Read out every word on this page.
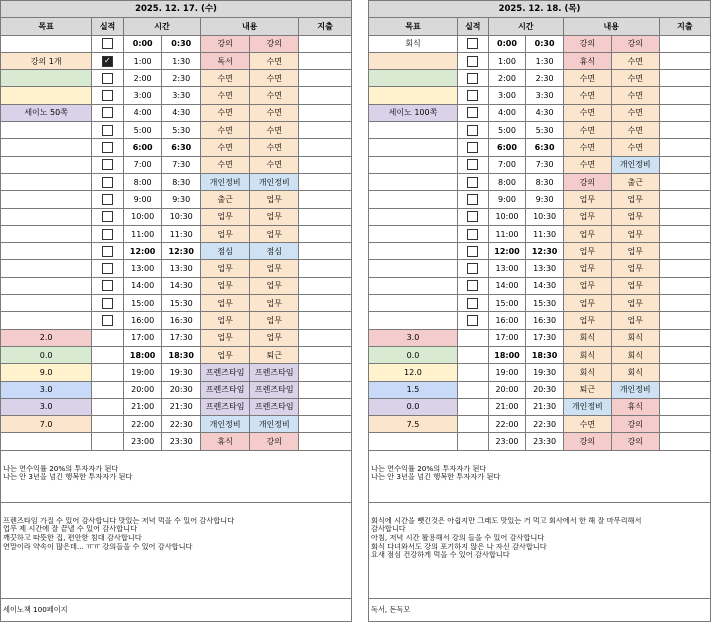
2025. 12. 17. (수)						
목표	실적	시간		내용		지출
		0:00	0:30	강의	강의	
강의 1개	✓	1:00	1:30	독서	수면	
		2:00	2:30	수면	수면	
		3:00	3:30	수면	수면	
세이노 50쪽		4:00	4:30	수면	수면	
		5:00	5:30	수면	수면	
		6:00	6:30	수면	수면	
		7:00	7:30	수면	수면	
		8:00	8:30	개인정비	개인정비	
		9:00	9:30	출근	업무	
		10:00	10:30	업무	업무	
		11:00	11:30	업무	업무	
		12:00	12:30	점심	점심	
		13:00	13:30	업무	업무	
		14:00	14:30	업무	업무	
		15:00	15:30	업무	업무	
		16:00	16:30	업무	업무	
2.0		17:00	17:30	업무	업무	
0.0		18:00	18:30	업무	퇴근	
9.0		19:00	19:30	프렌즈타임	프렌즈타임	
3.0		20:00	20:30	프렌즈타임	프렌즈타임	
3.0		21:00	21:30	프렌즈타임	프렌즈타임	
7.0		22:00	22:30	개인정비	개인정비	
		23:00	23:30	휴식	강의	
나는 연수익률 20%의 투자자가 된다
나는 안 3년을 넘긴 행복한 투자자가 된다
프렌즈타임 가질 수 있어 감사합니다 맛있는 저녁 먹을 수 있어 감사합니다
업무 제 시간에 잘 끝낼 수 있어 감사합니다
깨끗하고 따뜻한 집, 편안한 침대 감사합니다
연말이라 약속이 많은데... ㅠㅠ 강의들을 수 있어 감사합니다
세이노책 100페이지
2025. 12. 18. (목)						
목표	실적	시간		내용		지출
회식		0:00	0:30	강의	강의	
		1:00	1:30	휴식	수면	
		2:00	2:30	수면	수면	
		3:00	3:30	수면	수면	
세이노 100쪽		4:00	4:30	수면	수면	
		5:00	5:30	수면	수면	
		6:00	6:30	수면	수면	
		7:00	7:30	수면	개인정비	
		8:00	8:30	강의	출근	
		9:00	9:30	업무	업무	
		10:00	10:30	업무	업무	
		11:00	11:30	업무	업무	
		12:00	12:30	업무	업무	
		13:00	13:30	업무	업무	
		14:00	14:30	업무	업무	
		15:00	15:30	업무	업무	
		16:00	16:30	업무	업무	
3.0		17:00	17:30	회식	회식	
0.0		18:00	18:30	회식	회식	
12.0		19:00	19:30	회식	회식	
1.5		20:00	20:30	퇴근	개인정비	
0.0		21:00	21:30	개인정비	휴식	
7.5		22:00	22:30	수면	강의	
		23:00	23:30	강의	강의	
나는 연수익률 20%의 투자자가 된다
나는 안 3년을 넘긴 행복한 투자자가 된다
회식에 시간을 뺏긴것은 아쉽지만 그래도 맛있는 거 먹고 회사에서 한 해 잘 마무리해서
감사합니다
아침, 저녁 시간 활용해서 강의 들을 수 있어 감사합니다
회식 다녀와서도 강의 포기하지 않은 나 자신 감사합니다
요새 점심 건강하게 먹을 수 있어 감사합니다
독서, 돈독모
